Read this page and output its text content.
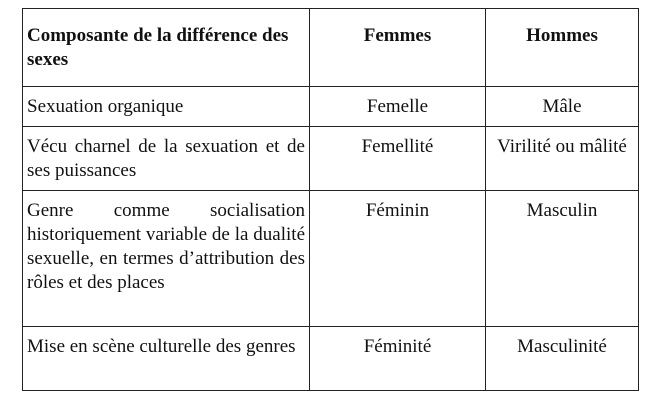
Composante de la différence des sexes	Femmes	Hommes
Sexuation organique	Femelle	Mâle
Vécu charnel de la sexuation et de ses puissances	Femellité	Virilité ou mâlité
Genre comme socialisation historiquement variable de la dualité sexuelle, en termes d’attribution des rôles et des places	Féminin	Masculin
Mise en scène culturelle des genres	Féminité	Masculinité
